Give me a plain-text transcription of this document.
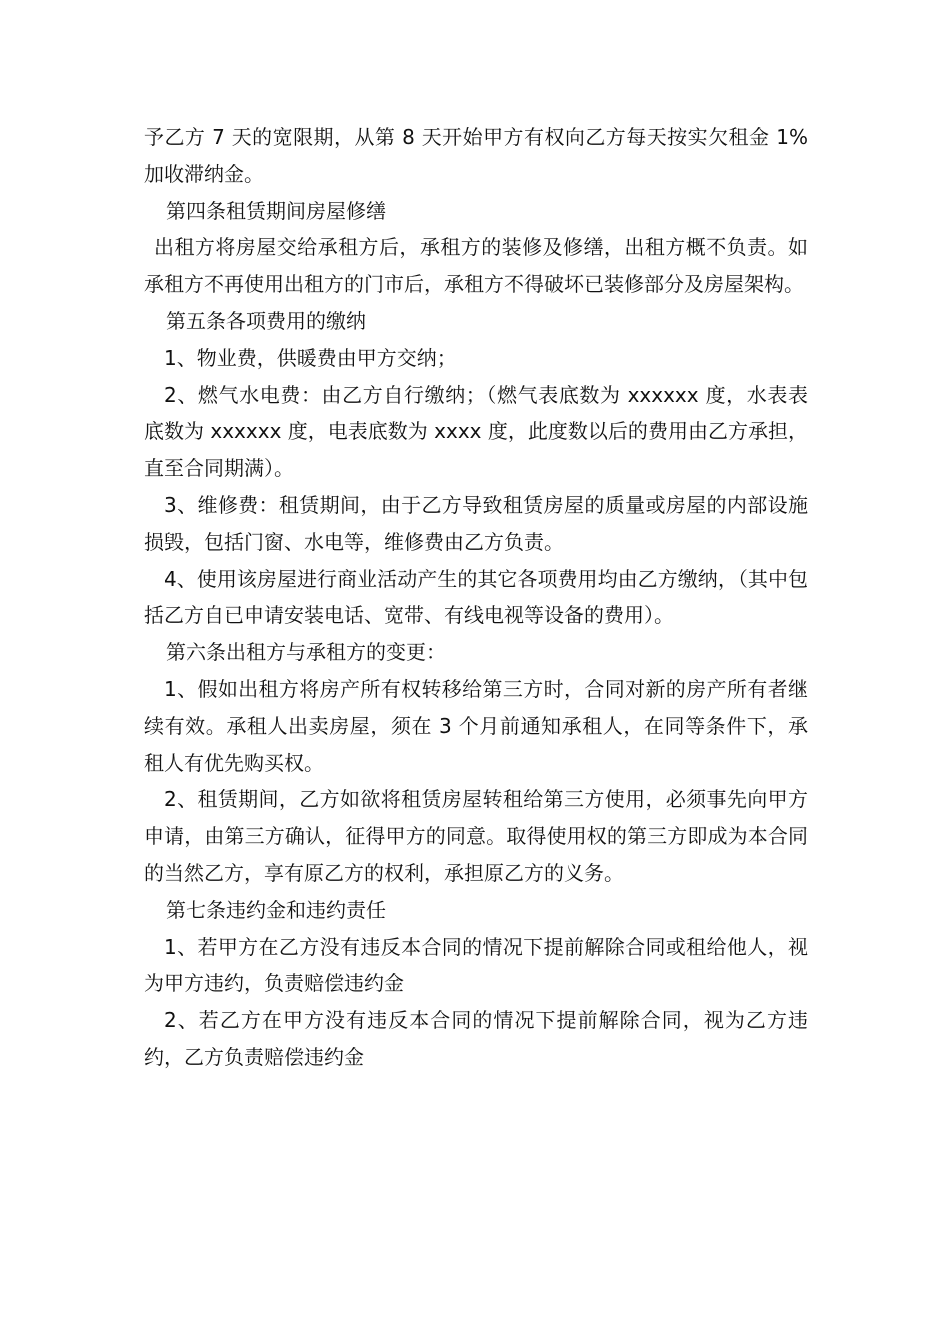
予乙方 7 天的宽限期，从第 8 天开始甲方有权向乙方每天按实欠租金 1%加收滞纳金。

第四条租赁期间房屋修缮

出租方将房屋交给承租方后，承租方的装修及修缮，出租方概不负责。如承租方不再使用出租方的门市后，承租方不得破坏已装修部分及房屋架构。

第五条各项费用的缴纳

1、物业费，供暖费由甲方交纳；

2、燃气水电费：由乙方自行缴纳；（燃气表底数为 xxxxxx 度，水表表底数为 xxxxxx 度，电表底数为 xxxx 度，此度数以后的费用由乙方承担，直至合同期满）。

3、维修费：租赁期间，由于乙方导致租赁房屋的质量或房屋的内部设施损毁，包括门窗、水电等，维修费由乙方负责。

4、使用该房屋进行商业活动产生的其它各项费用均由乙方缴纳，（其中包括乙方自已申请安装电话、宽带、有线电视等设备的费用）。

第六条出租方与承租方的变更：

1、假如出租方将房产所有权转移给第三方时，合同对新的房产所有者继续有效。承租人出卖房屋，须在 3 个月前通知承租人，在同等条件下，承租人有优先购买权。

2、租赁期间，乙方如欲将租赁房屋转租给第三方使用，必须事先向甲方申请，由第三方确认，征得甲方的同意。取得使用权的第三方即成为本合同的当然乙方，享有原乙方的权利，承担原乙方的义务。

第七条违约金和违约责任

1、若甲方在乙方没有违反本合同的情况下提前解除合同或租给他人，视为甲方违约，负责赔偿违约金

2、若乙方在甲方没有违反本合同的情况下提前解除合同，视为乙方违约，乙方负责赔偿违约金
